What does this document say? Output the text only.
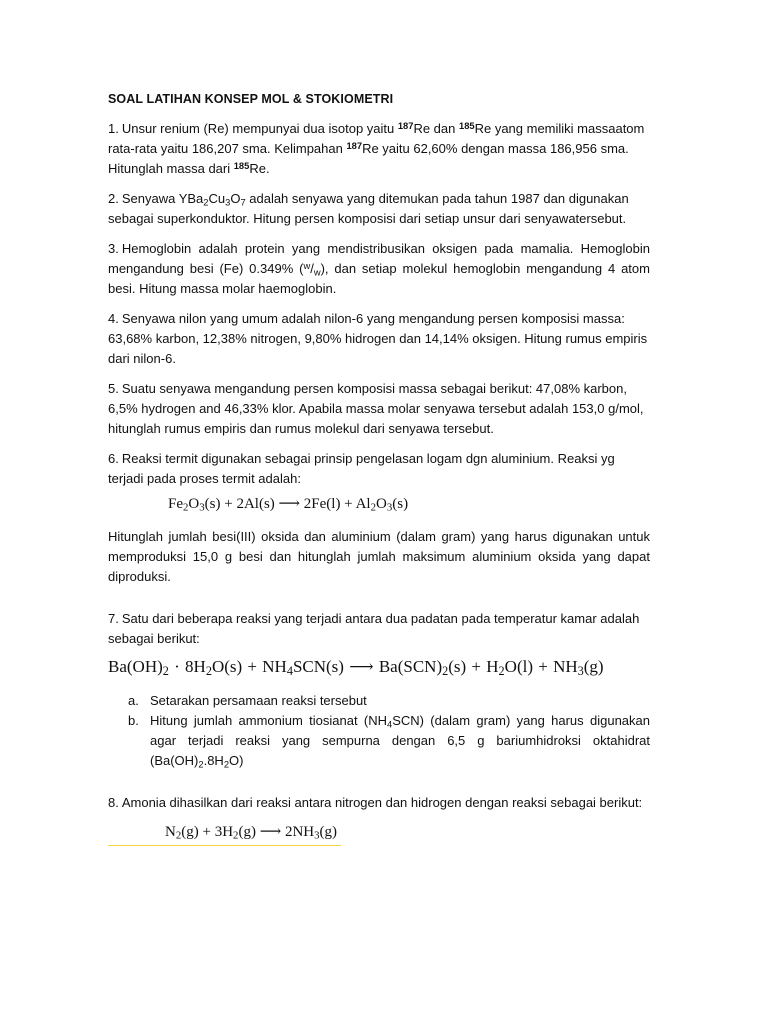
SOAL LATIHAN KONSEP MOL & STOKIOMETRI

1. Unsur renium (Re) mempunyai dua isotop yaitu $^{187}$Re dan $^{185}$Re yang memiliki massaatom rata-rata yaitu 186,207 sma. Kelimpahan $^{187}$Re yaitu 62,60% dengan massa 186,956 sma. Hitunglah massa dari $^{185}$Re.

2. Senyawa $YBa_2Cu_3O_7$ adalah senyawa yang ditemukan pada tahun 1987 dan digunakan sebagai superkonduktor. Hitung persen komposisi dari setiap unsur dari senyawatersebut.

3. Hemoglobin adalah protein yang mendistribusikan oksigen pada mamalia. Hemoglobin mengandung besi (Fe) 0.349% $(^w/_w)$, dan setiap molekul hemoglobin mengandung 4 atom besi. Hitung massa molar haemoglobin.

4. Senyawa nilon yang umum adalah nilon-6 yang mengandung persen komposisi massa: 63,68% karbon, 12,38% nitrogen, 9,80% hidrogen dan 14,14% oksigen. Hitung rumus empiris dari nilon-6.

5. Suatu senyawa mengandung persen komposisi massa sebagai berikut: 47,08% karbon, 6,5% hydrogen and 46,33% klor. Apabila massa molar senyawa tersebut adalah 153,0 g/mol, hitunglah rumus empiris dan rumus molekul dari senyawa tersebut.

6. Reaksi termit digunakan sebagai prinsip pengelasan logam dgn aluminium. Reaksi yg terjadi pada proses termit adalah:

$Fe_2O_3(s) + 2Al(s)$ ⟶ $2Fe(l) + Al_2O_3(s)$

Hitunglah jumlah besi(III) oksida dan aluminium (dalam gram) yang harus digunakan untuk memproduksi 15,0 g besi dan hitunglah jumlah maksimum aluminium oksida yang dapat diproduksi.

7. Satu dari beberapa reaksi yang terjadi antara dua padatan pada temperatur kamar adalah sebagai berikut:

$Ba(OH)_2 \cdot 8H_2O(s) + NH_4SCN(s)$ ⟶ $Ba(SCN)_2(s) + H_2O(l) + NH_3(g)$
a. Setarakan persamaan reaksi tersebut
b. Hitung jumlah ammonium tiosianat $(NH_4SCN)$ (dalam gram) yang harus digunakan agar terjadi reaksi yang sempurna dengan 6,5 g bariumhidroksi oktahidrat $(Ba(OH)_2.8H_2O)$

8. Amonia dihasilkan dari reaksi antara nitrogen dan hidrogen dengan reaksi sebagai berikut:

$N_2(g) + 3H_2(g)$ ⟶ $2NH_3(g)$
